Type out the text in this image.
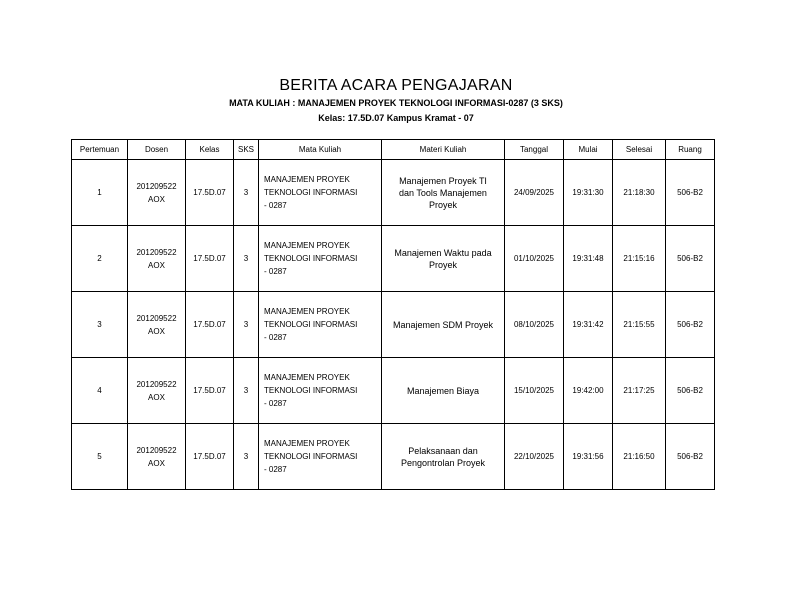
BERITA ACARA PENGAJARAN
MATA KULIAH : MANAJEMEN PROYEK TEKNOLOGI INFORMASI-0287 (3 SKS)
Kelas: 17.5D.07 Kampus Kramat - 07
Pertemuan	Dosen	Kelas	SKS	Mata Kuliah	Materi Kuliah	Tanggal	Mulai	Selesai	Ruang
1	201209522
AOX	17.5D.07	3	MANAJEMEN PROYEK
TEKNOLOGI INFORMASI
- 0287	Manajemen Proyek TI
dan Tools Manajemen
Proyek	24/09/2025	19:31:30	21:18:30	506-B2
2	201209522
AOX	17.5D.07	3	MANAJEMEN PROYEK
TEKNOLOGI INFORMASI
- 0287	Manajemen Waktu pada
Proyek	01/10/2025	19:31:48	21:15:16	506-B2
3	201209522
AOX	17.5D.07	3	MANAJEMEN PROYEK
TEKNOLOGI INFORMASI
- 0287	Manajemen SDM Proyek	08/10/2025	19:31:42	21:15:55	506-B2
4	201209522
AOX	17.5D.07	3	MANAJEMEN PROYEK
TEKNOLOGI INFORMASI
- 0287	Manajemen Biaya	15/10/2025	19:42:00	21:17:25	506-B2
5	201209522
AOX	17.5D.07	3	MANAJEMEN PROYEK
TEKNOLOGI INFORMASI
- 0287	Pelaksanaan dan
Pengontrolan Proyek	22/10/2025	19:31:56	21:16:50	506-B2
